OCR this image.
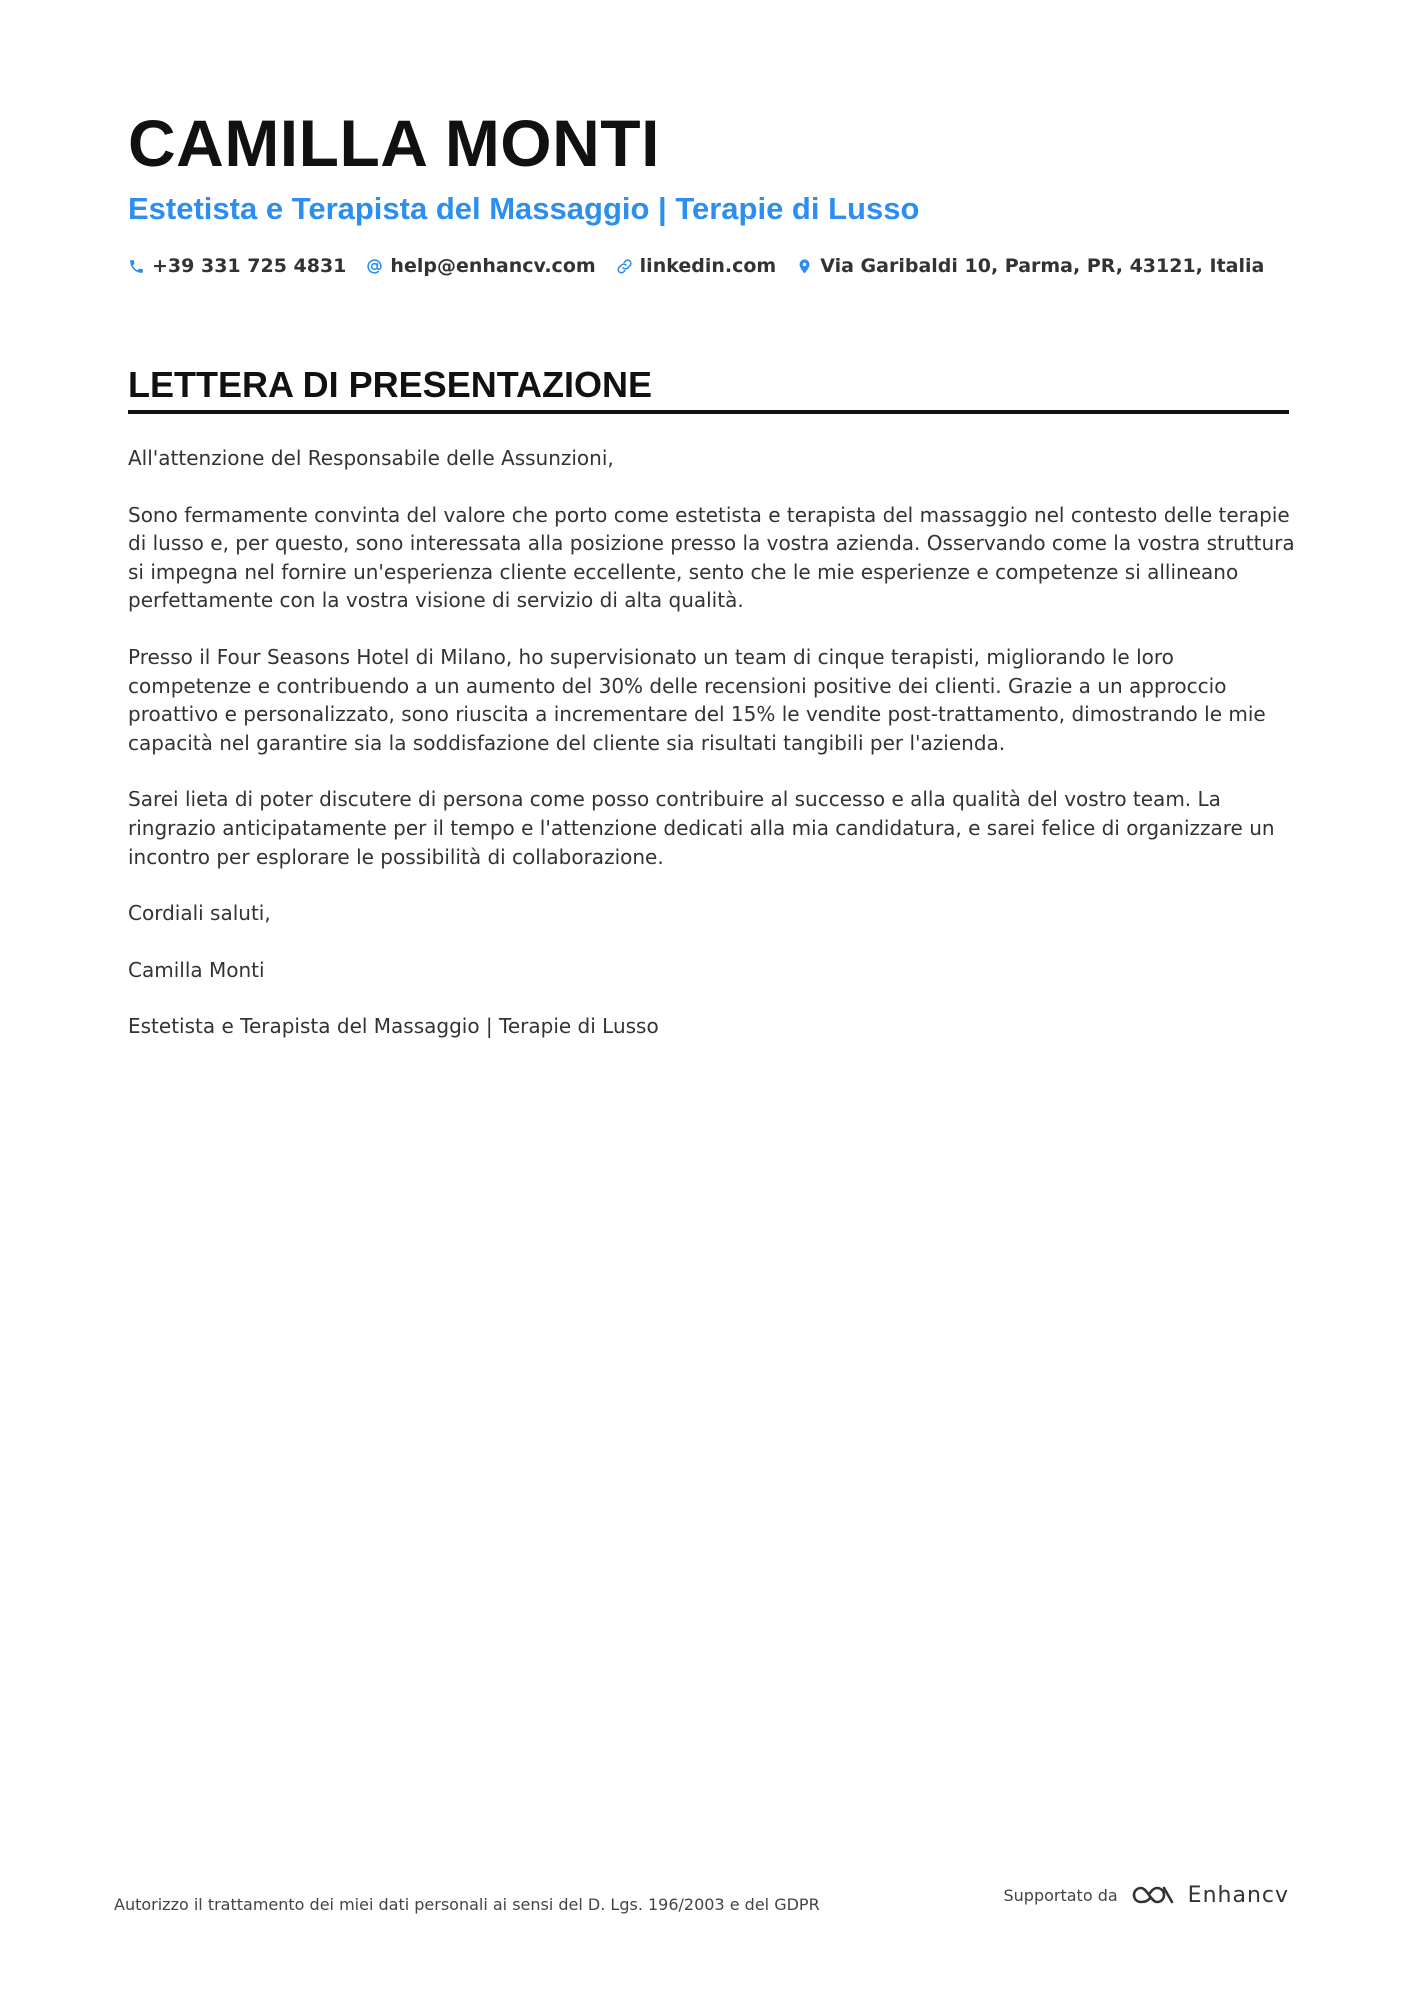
CAMILLA MONTI
Estetista e Terapista del Massaggio | Terapie di Lusso
+39 331 725 4831 help@enhancv.com linkedin.com Via Garibaldi 10, Parma, PR, 43121, Italia
LETTERA DI PRESENTAZIONE

All'attenzione del Responsabile delle Assunzioni,

Sono fermamente convinta del valore che porto come estetista e terapista del massaggio nel contesto delle terapie di lusso e, per questo, sono interessata alla posizione presso la vostra azienda. Osservando come la vostra struttura si impegna nel fornire un'esperienza cliente eccellente, sento che le mie esperienze e competenze si allineano perfettamente con la vostra visione di servizio di alta qualità.

Presso il Four Seasons Hotel di Milano, ho supervisionato un team di cinque terapisti, migliorando le loro competenze e contribuendo a un aumento del 30% delle recensioni positive dei clienti. Grazie a un approccio proattivo e personalizzato, sono riuscita a incrementare del 15% le vendite post-trattamento, dimostrando le mie capacità nel garantire sia la soddisfazione del cliente sia risultati tangibili per l'azienda.

Sarei lieta di poter discutere di persona come posso contribuire al successo e alla qualità del vostro team. La ringrazio anticipatamente per il tempo e l'attenzione dedicati alla mia candidatura, e sarei felice di organizzare un incontro per esplorare le possibilità di collaborazione.

Cordiali saluti,

Camilla Monti

Estetista e Terapista del Massaggio | Terapie di Lusso

Autorizzo il trattamento dei miei dati personali ai sensi del D. Lgs. 196/2003 e del GDPR	Supportato da	Enhancv
